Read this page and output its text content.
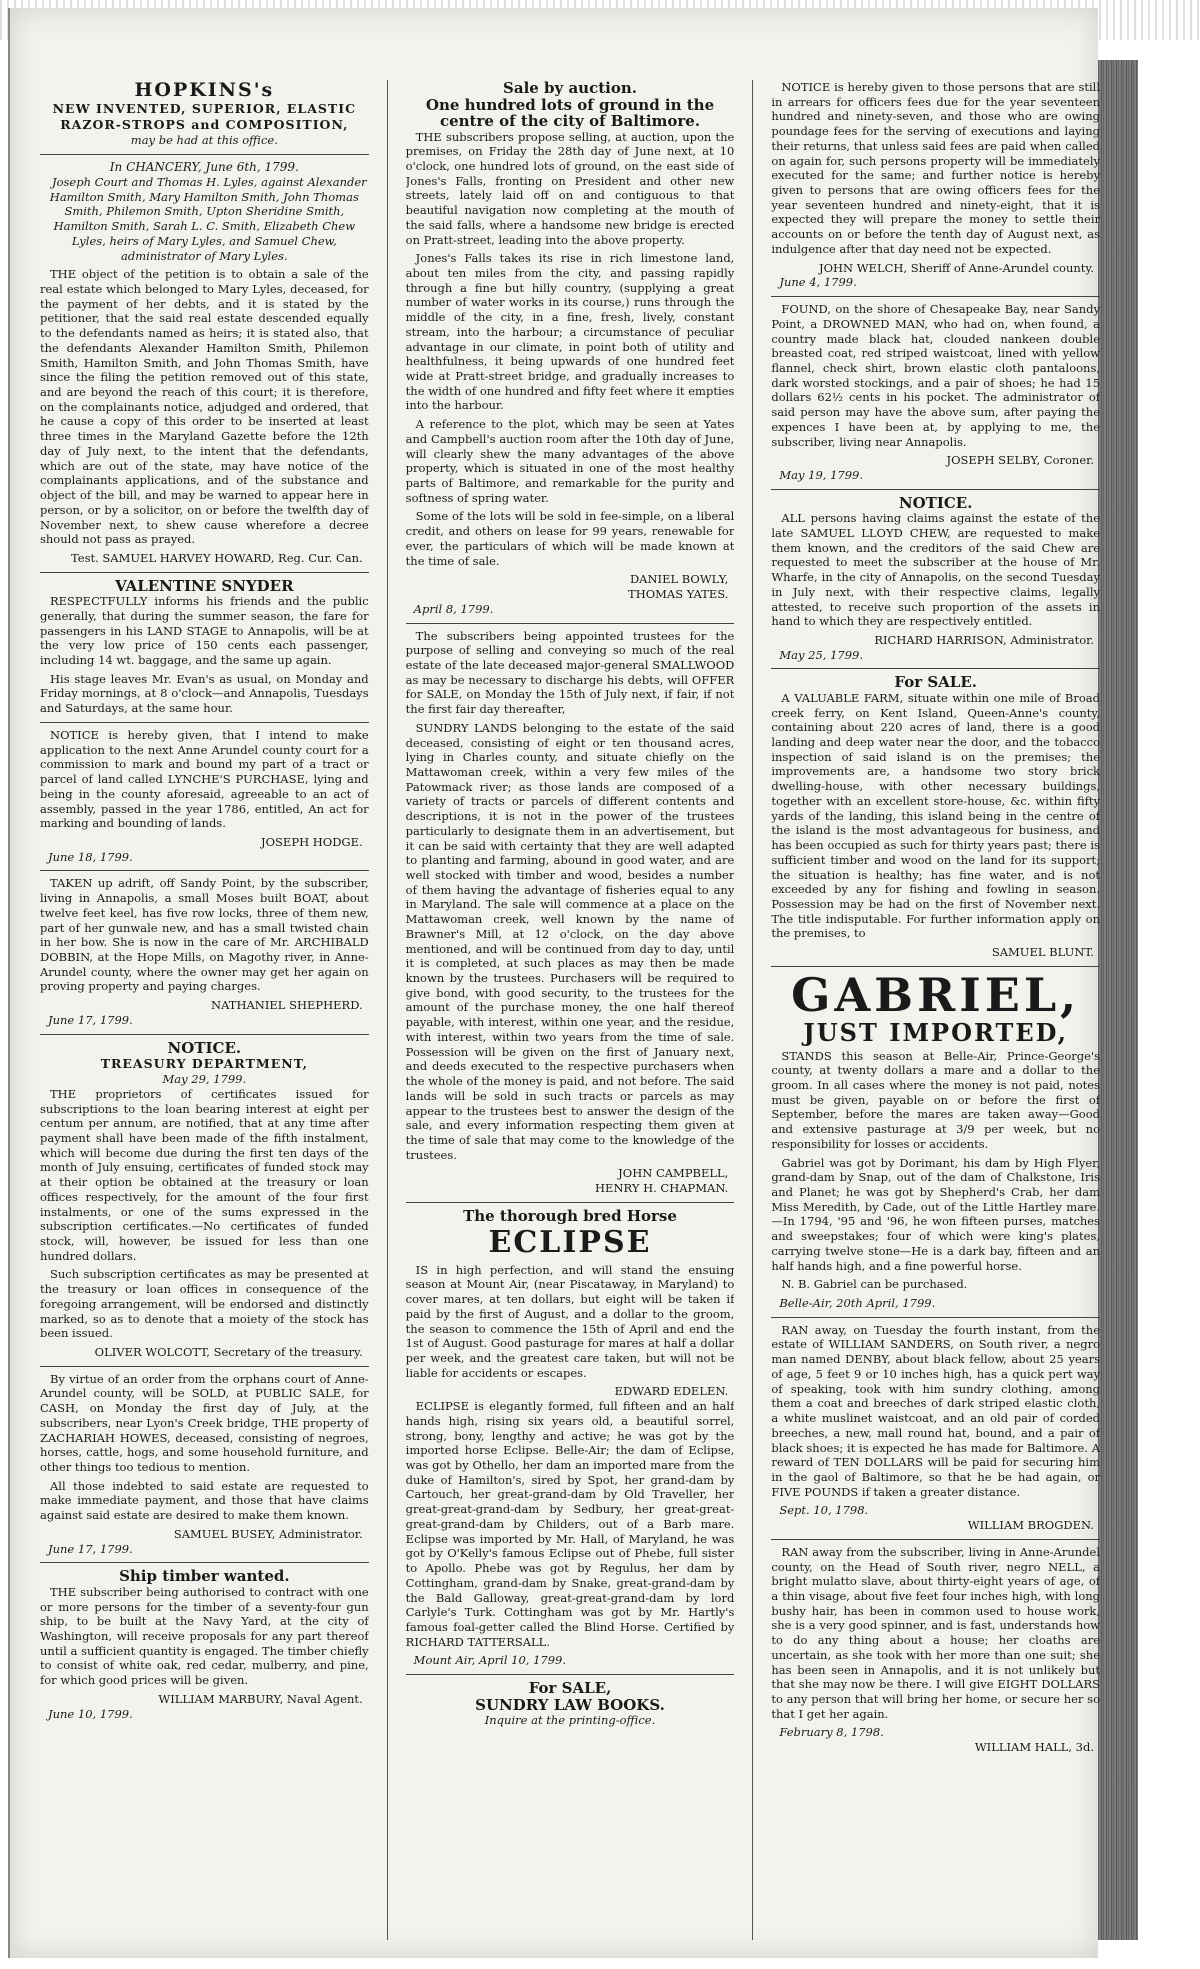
HOPKINS's
NEW INVENTED, SUPERIOR, ELASTIC
RAZOR-STROPS and COMPOSITION,
may be had at this office.
In CHANCERY, June 6th, 1799.

Joseph Court and Thomas H. Lyles, against Alexander Hamilton Smith, Mary Hamilton Smith, John Thomas Smith, Philemon Smith, Upton Sheridine Smith, Hamilton Smith, Sarah L. C. Smith, Elizabeth Chew Lyles, heirs of Mary Lyles, and Samuel Chew, administrator of Mary Lyles.

THE object of the petition is to obtain a sale of the real estate which belonged to Mary Lyles, deceased, for the payment of her debts, and it is stated by the petitioner, that the said real estate descended equally to the defendants named as heirs; it is stated also, that the defendants Alexander Hamilton Smith, Philemon Smith, Hamilton Smith, and John Thomas Smith, have since the filing the petition removed out of this state, and are beyond the reach of this court; it is therefore, on the complainants notice, adjudged and ordered, that he cause a copy of this order to be inserted at least three times in the Maryland Gazette before the 12th day of July next, to the intent that the defendants, which are out of the state, may have notice of the complainants applications, and of the substance and object of the bill, and may be warned to appear here in person, or by a solicitor, on or before the twelfth day of November next, to shew cause wherefore a decree should not pass as prayed.

Test. SAMUEL HARVEY HOWARD, Reg. Cur. Can.
VALENTINE SNYDER

RESPECTFULLY informs his friends and the public generally, that during the summer season, the fare for passengers in his LAND STAGE to Annapolis, will be at the very low price of 150 cents each passenger, including 14 wt. baggage, and the same up again.

His stage leaves Mr. Evan's as usual, on Monday and Friday mornings, at 8 o'clock—and Annapolis, Tuesdays and Saturdays, at the same hour.

NOTICE is hereby given, that I intend to make application to the next Anne Arundel county court for a commission to mark and bound my part of a tract or parcel of land called LYNCHE'S PURCHASE, lying and being in the county aforesaid, agreeable to an act of assembly, passed in the year 1786, entitled, An act for marking and bounding of lands.

JOSEPH HODGE.
June 18, 1799.

TAKEN up adrift, off Sandy Point, by the subscriber, living in Annapolis, a small Moses built BOAT, about twelve feet keel, has five row locks, three of them new, part of her gunwale new, and has a small twisted chain in her bow. She is now in the care of Mr. ARCHIBALD DOBBIN, at the Hope Mills, on Magothy river, in Anne-Arundel county, where the owner may get her again on proving property and paying charges.

NATHANIEL SHEPHERD.
June 17, 1799.
NOTICE.
TREASURY DEPARTMENT,
May 29, 1799.

THE proprietors of certificates issued for subscriptions to the loan bearing interest at eight per centum per annum, are notified, that at any time after payment shall have been made of the fifth instalment, which will become due during the first ten days of the month of July ensuing, certificates of funded stock may at their option be obtained at the treasury or loan offices respectively, for the amount of the four first instalments, or one of the sums expressed in the subscription certificates.—No certificates of funded stock, will, however, be issued for less than one hundred dollars.

Such subscription certificates as may be presented at the treasury or loan offices in consequence of the foregoing arrangement, will be endorsed and distinctly marked, so as to denote that a moiety of the stock has been issued.

OLIVER WOLCOTT, Secretary of the treasury.

By virtue of an order from the orphans court of Anne-Arundel county, will be SOLD, at PUBLIC SALE, for CASH, on Monday the first day of July, at the subscribers, near Lyon's Creek bridge, THE property of ZACHARIAH HOWES, deceased, consisting of negroes, horses, cattle, hogs, and some household furniture, and other things too tedious to mention.

All those indebted to said estate are requested to make immediate payment, and those that have claims against said estate are desired to make them known.

SAMUEL BUSEY, Administrator.
June 17, 1799.
Ship timber wanted.

THE subscriber being authorised to contract with one or more persons for the timber of a seventy-four gun ship, to be built at the Navy Yard, at the city of Washington, will receive proposals for any part thereof until a sufficient quantity is engaged. The timber chiefly to consist of white oak, red cedar, mulberry, and pine, for which good prices will be given.

WILLIAM MARBURY, Naval Agent.
June 10, 1799.
Sale by auction.
One hundred lots of ground in the centre of the city of Baltimore.

THE subscribers propose selling, at auction, upon the premises, on Friday the 28th day of June next, at 10 o'clock, one hundred lots of ground, on the east side of Jones's Falls, fronting on President and other new streets, lately laid off on and contiguous to that beautiful navigation now completing at the mouth of the said falls, where a handsome new bridge is erected on Pratt-street, leading into the above property.

Jones's Falls takes its rise in rich limestone land, about ten miles from the city, and passing rapidly through a fine but hilly country, (supplying a great number of water works in its course,) runs through the middle of the city, in a fine, fresh, lively, constant stream, into the harbour; a circumstance of peculiar advantage in our climate, in point both of utility and healthfulness, it being upwards of one hundred feet wide at Pratt-street bridge, and gradually increases to the width of one hundred and fifty feet where it empties into the harbour.

A reference to the plot, which may be seen at Yates and Campbell's auction room after the 10th day of June, will clearly shew the many advantages of the above property, which is situated in one of the most healthy parts of Baltimore, and remarkable for the purity and softness of spring water.

Some of the lots will be sold in fee-simple, on a liberal credit, and others on lease for 99 years, renewable for ever, the particulars of which will be made known at the time of sale.

DANIEL BOWLY,
THOMAS YATES.
April 8, 1799.

The subscribers being appointed trustees for the purpose of selling and conveying so much of the real estate of the late deceased major-general SMALLWOOD as may be necessary to discharge his debts, will OFFER for SALE, on Monday the 15th of July next, if fair, if not the first fair day thereafter,

SUNDRY LANDS belonging to the estate of the said deceased, consisting of eight or ten thousand acres, lying in Charles county, and situate chiefly on the Mattawoman creek, within a very few miles of the Patowmack river; as those lands are composed of a variety of tracts or parcels of different contents and descriptions, it is not in the power of the trustees particularly to designate them in an advertisement, but it can be said with certainty that they are well adapted to planting and farming, abound in good water, and are well stocked with timber and wood, besides a number of them having the advantage of fisheries equal to any in Maryland. The sale will commence at a place on the Mattawoman creek, well known by the name of Brawner's Mill, at 12 o'clock, on the day above mentioned, and will be continued from day to day, until it is completed, at such places as may then be made known by the trustees. Purchasers will be required to give bond, with good security, to the trustees for the amount of the purchase money, the one half thereof payable, with interest, within one year, and the residue, with interest, within two years from the time of sale. Possession will be given on the first of January next, and deeds executed to the respective purchasers when the whole of the money is paid, and not before. The said lands will be sold in such tracts or parcels as may appear to the trustees best to answer the design of the sale, and every information respecting them given at the time of sale that may come to the knowledge of the trustees.

JOHN CAMPBELL,
HENRY H. CHAPMAN.
The thorough bred Horse
ECLIPSE

IS in high perfection, and will stand the ensuing season at Mount Air, (near Piscataway, in Maryland) to cover mares, at ten dollars, but eight will be taken if paid by the first of August, and a dollar to the groom, the season to commence the 15th of April and end the 1st of August. Good pasturage for mares at half a dollar per week, and the greatest care taken, but will not be liable for accidents or escapes.

EDWARD EDELEN.

ECLIPSE is elegantly formed, full fifteen and an half hands high, rising six years old, a beautiful sorrel, strong, bony, lengthy and active; he was got by the imported horse Eclipse. Belle-Air; the dam of Eclipse, was got by Othello, her dam an imported mare from the duke of Hamilton's, sired by Spot, her grand-dam by Cartouch, her great-grand-dam by Old Traveller, her great-great-grand-dam by Sedbury, her great-great-great-grand-dam by Childers, out of a Barb mare. Eclipse was imported by Mr. Hall, of Maryland, he was got by O'Kelly's famous Eclipse out of Phebe, full sister to Apollo. Phebe was got by Regulus, her dam by Cottingham, grand-dam by Snake, great-grand-dam by the Bald Galloway, great-great-grand-dam by lord Carlyle's Turk. Cottingham was got by Mr. Hartly's famous foal-getter called the Blind Horse. Certified by RICHARD TATTERSALL.

Mount Air, April 10, 1799.
For SALE,
SUNDRY LAW BOOKS.
Inquire at the printing-office.

NOTICE is hereby given to those persons that are still in arrears for officers fees due for the year seventeen hundred and ninety-seven, and those who are owing poundage fees for the serving of executions and laying their returns, that unless said fees are paid when called on again for, such persons property will be immediately executed for the same; and further notice is hereby given to persons that are owing officers fees for the year seventeen hundred and ninety-eight, that it is expected they will prepare the money to settle their accounts on or before the tenth day of August next, as indulgence after that day need not be expected.

JOHN WELCH, Sheriff of Anne-Arundel county.
June 4, 1799.

FOUND, on the shore of Chesapeake Bay, near Sandy Point, a DROWNED MAN, who had on, when found, a country made black hat, clouded nankeen double breasted coat, red striped waistcoat, lined with yellow flannel, check shirt, brown elastic cloth pantaloons, dark worsted stockings, and a pair of shoes; he had 15 dollars 62½ cents in his pocket. The administrator of said person may have the above sum, after paying the expences I have been at, by applying to me, the subscriber, living near Annapolis.

JOSEPH SELBY, Coroner.
May 19, 1799.
NOTICE.

ALL persons having claims against the estate of the late SAMUEL LLOYD CHEW, are requested to make them known, and the creditors of the said Chew are requested to meet the subscriber at the house of Mr. Wharfe, in the city of Annapolis, on the second Tuesday in July next, with their respective claims, legally attested, to receive such proportion of the assets in hand to which they are respectively entitled.

RICHARD HARRISON, Administrator.
May 25, 1799.
For SALE.

A VALUABLE FARM, situate within one mile of Broad creek ferry, on Kent Island, Queen-Anne's county, containing about 220 acres of land, there is a good landing and deep water near the door, and the tobacco inspection of said island is on the premises; the improvements are, a handsome two story brick dwelling-house, with other necessary buildings, together with an excellent store-house, &c. within fifty yards of the landing, this island being in the centre of the island is the most advantageous for business, and has been occupied as such for thirty years past; there is sufficient timber and wood on the land for its support; the situation is healthy; has fine water, and is not exceeded by any for fishing and fowling in season. Possession may be had on the first of November next. The title indisputable. For further information apply on the premises, to

SAMUEL BLUNT.
GABRIEL,
JUST IMPORTED,

STANDS this season at Belle-Air, Prince-George's county, at twenty dollars a mare and a dollar to the groom. In all cases where the money is not paid, notes must be given, payable on or before the first of September, before the mares are taken away—Good and extensive pasturage at 3/9 per week, but no responsibility for losses or accidents.

Gabriel was got by Dorimant, his dam by High Flyer, grand-dam by Snap, out of the dam of Chalkstone, Iris and Planet; he was got by Shepherd's Crab, her dam Miss Meredith, by Cade, out of the Little Hartley mare.—In 1794, '95 and '96, he won fifteen purses, matches and sweepstakes; four of which were king's plates, carrying twelve stone—He is a dark bay, fifteen and an half hands high, and a fine powerful horse.

N. B. Gabriel can be purchased.

Belle-Air, 20th April, 1799.

RAN away, on Tuesday the fourth instant, from the estate of WILLIAM SANDERS, on South river, a negro man named DENBY, about black fellow, about 25 years of age, 5 feet 9 or 10 inches high, has a quick pert way of speaking, took with him sundry clothing, among them a coat and breeches of dark striped elastic cloth, a white muslinet waistcoat, and an old pair of corded breeches, a new, mall round hat, bound, and a pair of black shoes; it is expected he has made for Baltimore. A reward of TEN DOLLARS will be paid for securing him in the gaol of Baltimore, so that he be had again, or FIVE POUNDS if taken a greater distance.

Sept. 10, 1798.
WILLIAM BROGDEN.

RAN away from the subscriber, living in Anne-Arundel county, on the Head of South river, negro NELL, a bright mulatto slave, about thirty-eight years of age, of a thin visage, about five feet four inches high, with long bushy hair, has been in common used to house work, she is a very good spinner, and is fast, understands how to do any thing about a house; her cloaths are uncertain, as she took with her more than one suit; she has been seen in Annapolis, and it is not unlikely but that she may now be there. I will give EIGHT DOLLARS to any person that will bring her home, or secure her so that I get her again.

February 8, 1798.
WILLIAM HALL, 3d.
